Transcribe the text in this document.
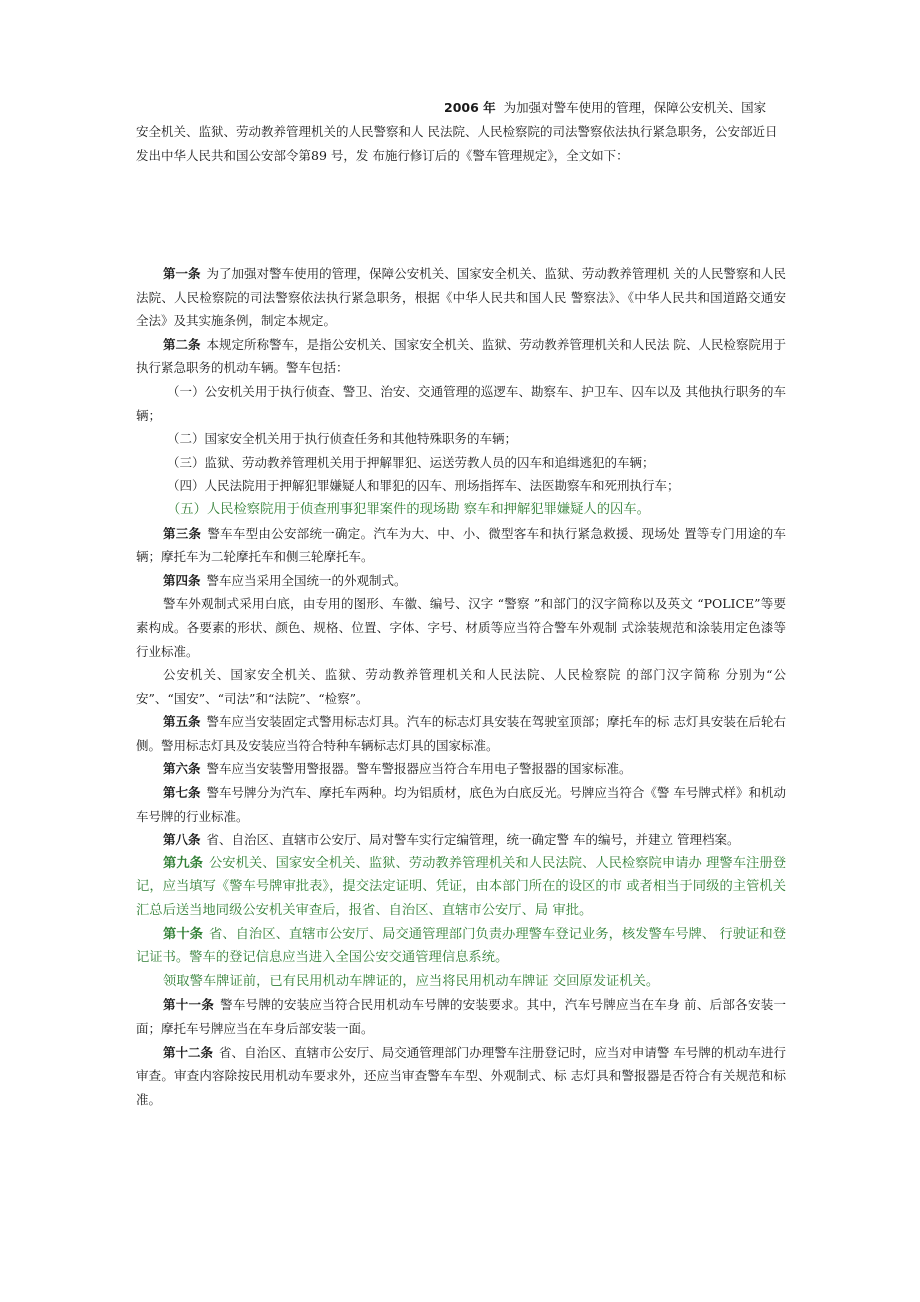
2006 年 为加强对警车使用的管理，保障公安机关、国家
安全机关、监狱、劳动教养管理机关的人民警察和人 民法院、人民检察院的司法警察依法执行紧急职务，公安部近日发出中华人民共和国公安部令第89 号，发 布施行修订后的《警车管理规定》，全文如下：

第一条 为了加强对警车使用的管理，保障公安机关、国家安全机关、监狱、劳动教养管理机 关的人民警察和人民法院、人民检察院的司法警察依法执行紧急职务，根据《中华人民共和国人民 警察法》、《中华人民共和国道路交通安全法》及其实施条例，制定本规定。

第二条 本规定所称警车，是指公安机关、国家安全机关、监狱、劳动教养管理机关和人民法 院、人民检察院用于执行紧急职务的机动车辆。警车包括：

（一）公安机关用于执行侦查、警卫、治安、交通管理的巡逻车、勘察车、护卫车、囚车以及 其他执行职务的车辆；

（二）国家安全机关用于执行侦查任务和其他特殊职务的车辆；

（三）监狱、劳动教养管理机关用于押解罪犯、运送劳教人员的囚车和追缉逃犯的车辆；

（四）人民法院用于押解犯罪嫌疑人和罪犯的囚车、刑场指挥车、法医勘察车和死刑执行车；

（五）人民检察院用于侦查刑事犯罪案件的现场勘 察车和押解犯罪嫌疑人的囚车。

第三条 警车车型由公安部统一确定。汽车为大、中、小、微型客车和执行紧急救援、现场处 置等专门用途的车辆；摩托车为二轮摩托车和侧三轮摩托车。

第四条 警车应当采用全国统一的外观制式。

警车外观制式采用白底，由专用的图形、车徽、编号、汉字 “警察 ”和部门的汉字简称以及英文 “POLICE”等要素构成。各要素的形状、颜色、规格、位置、字体、字号、材质等应当符合警车外观制 式涂装规范和涂装用定色漆等行业标准。

公安机关、国家安全机关、监狱、劳动教养管理机关和人民法院、人民检察院 的部门汉字简称 分别为“公安”、“国安”、“司法”和“法院”、“检察”。

第五条 警车应当安装固定式警用标志灯具。汽车的标志灯具安装在驾驶室顶部；摩托车的标 志灯具安装在后轮右侧。警用标志灯具及安装应当符合特种车辆标志灯具的国家标准。

第六条 警车应当安装警用警报器。警车警报器应当符合车用电子警报器的国家标准。

第七条 警车号牌分为汽车、摩托车两种。均为铝质材，底色为白底反光。号牌应当符合《警 车号牌式样》和机动车号牌的行业标准。

第八条 省、自治区、直辖市公安厅、局对警车实行定编管理，统一确定警 车的编号，并建立 管理档案。

第九条 公安机关、国家安全机关、监狱、劳动教养管理机关和人民法院、人民检察院申请办 理警车注册登记，应当填写《警车号牌审批表》，提交法定证明、凭证，由本部门所在的设区的市 或者相当于同级的主管机关汇总后送当地同级公安机关审查后，报省、自治区、直辖市公安厅、局 审批。

第十条 省、自治区、直辖市公安厅、局交通管理部门负责办理警车登记业务，核发警车号牌、 行驶证和登记证书。警车的登记信息应当进入全国公安交通管理信息系统。

领取警车牌证前，已有民用机动车牌证的，应当将民用机动车牌证 交回原发证机关。

第十一条 警车号牌的安装应当符合民用机动车号牌的安装要求。其中，汽车号牌应当在车身 前、后部各安装一面；摩托车号牌应当在车身后部安装一面。

第十二条 省、自治区、直辖市公安厅、局交通管理部门办理警车注册登记时，应当对申请警 车号牌的机动车进行审查。审查内容除按民用机动车要求外，还应当审查警车车型、外观制式、标 志灯具和警报器是否符合有关规范和标准。
